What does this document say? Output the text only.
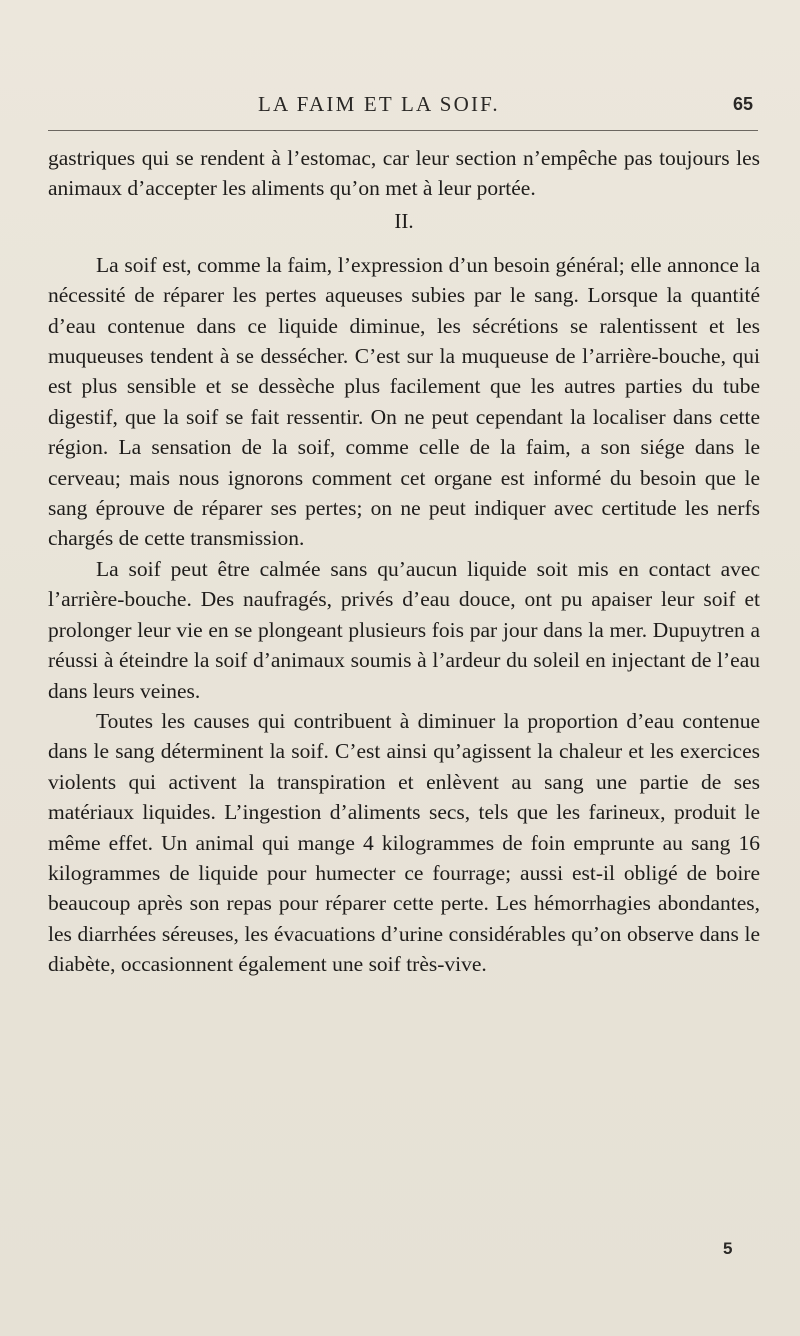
LA FAIM ET LA SOIF.	65

gastriques qui se rendent à l’estomac, car leur section n’empêche pas toujours les animaux d’accepter les aliments qu’on met à leur portée.

II.

La soif est, comme la faim, l’expression d’un besoin général; elle annonce la nécessité de réparer les pertes aqueuses subies par le sang. Lorsque la quantité d’eau contenue dans ce liquide diminue, les sécrétions se ralentissent et les muqueuses tendent à se dessécher. C’est sur la muqueuse de l’arrière-bouche, qui est plus sensible et se dessèche plus facilement que les autres parties du tube digestif, que la soif se fait ressentir. On ne peut cependant la localiser dans cette région. La sensation de la soif, comme celle de la faim, a son siége dans le cerveau; mais nous ignorons comment cet organe est informé du besoin que le sang éprouve de réparer ses pertes; on ne peut indiquer avec certitude les nerfs chargés de cette transmission.

La soif peut être calmée sans qu’aucun liquide soit mis en contact avec l’arrière-bouche. Des naufragés, privés d’eau douce, ont pu apaiser leur soif et prolonger leur vie en se plongeant plusieurs fois par jour dans la mer. Dupuytren a réussi à éteindre la soif d’animaux soumis à l’ardeur du soleil en injectant de l’eau dans leurs veines.

Toutes les causes qui contribuent à diminuer la proportion d’eau contenue dans le sang déterminent la soif. C’est ainsi qu’agissent la chaleur et les exercices violents qui activent la transpiration et enlèvent au sang une partie de ses matériaux liquides. L’ingestion d’aliments secs, tels que les farineux, produit le même effet. Un animal qui mange 4 kilogrammes de foin emprunte au sang 16 kilogrammes de liquide pour humecter ce fourrage; aussi est-il obligé de boire beaucoup après son repas pour réparer cette perte. Les hémorrhagies abondantes, les diarrhées séreuses, les évacuations d’urine considérables qu’on observe dans le diabète, occasionnent également une soif très-vive.

5
